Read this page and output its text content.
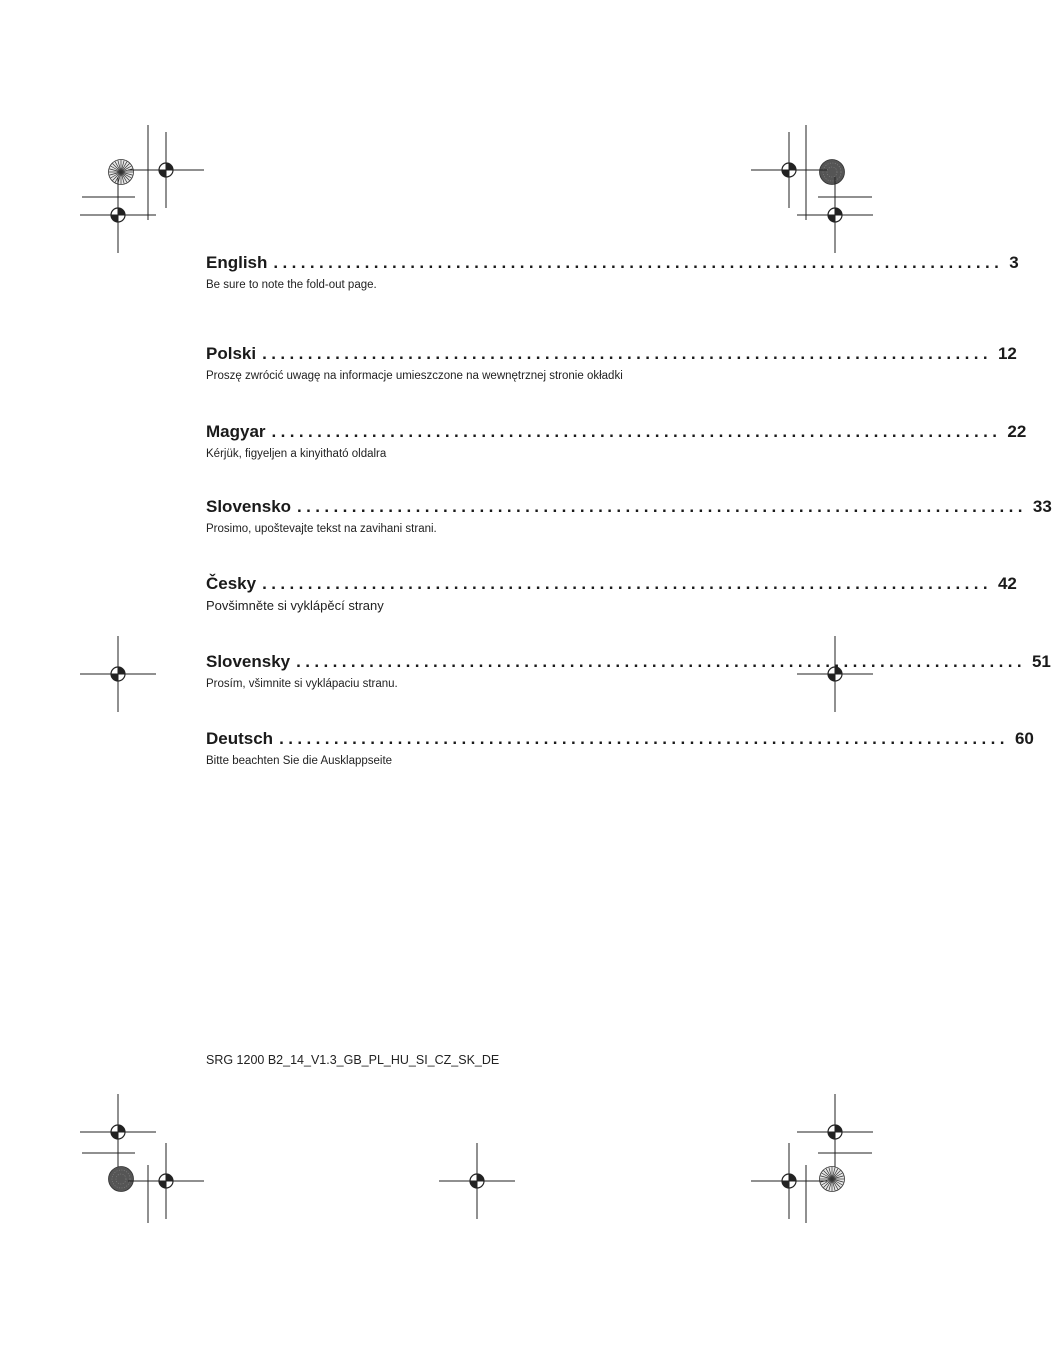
English ................................................................................ 3
Be sure to note the fold-out page.
Polski ................................................................................ 12
Proszę zwrócić uwagę na informacje umieszczone na wewnętrznej stronie okładki
Magyar ................................................................................ 22
Kérjük, figyeljen a kinyitható oldalra
Slovensko ................................................................................ 33
Prosimo, upoštevajte tekst na zavihani strani.
Česky ................................................................................ 42
Povšimněte si vyklápěcí strany
Slovensky ................................................................................ 51
Prosím, všimnite si vyklápaciu stranu.
Deutsch ................................................................................ 60
Bitte beachten Sie die Ausklappseite
SRG 1200 B2_14_V1.3_GB_PL_HU_SI_CZ_SK_DE
